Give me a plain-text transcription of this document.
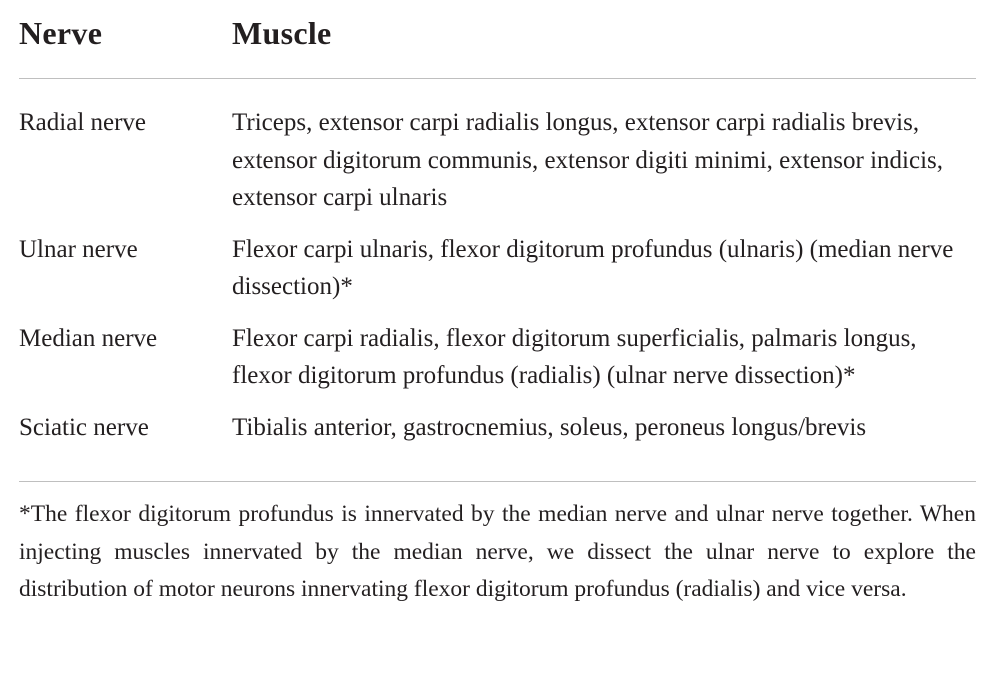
Nerve	Muscle
Radial nerve	Triceps, extensor carpi radialis longus, extensor carpi radialis brevis, extensor digitorum communis, extensor digiti minimi, extensor indicis, extensor carpi ulnaris
Ulnar nerve	Flexor carpi ulnaris, flexor digitorum profundus (ulnaris) (median nerve dissection)*
Median nerve	Flexor carpi radialis, flexor digitorum superficialis, palmaris longus, flexor digitorum profundus (radialis) (ulnar nerve dissection)*
Sciatic nerve	Tibialis anterior, gastrocnemius, soleus, peroneus longus/brevis
*The flexor digitorum profundus is innervated by the median nerve and ulnar nerve together. When injecting muscles innervated by the median nerve, we dissect the ulnar nerve to explore the distribution of motor neurons innervating flexor digitorum profundus (radialis) and vice versa.
